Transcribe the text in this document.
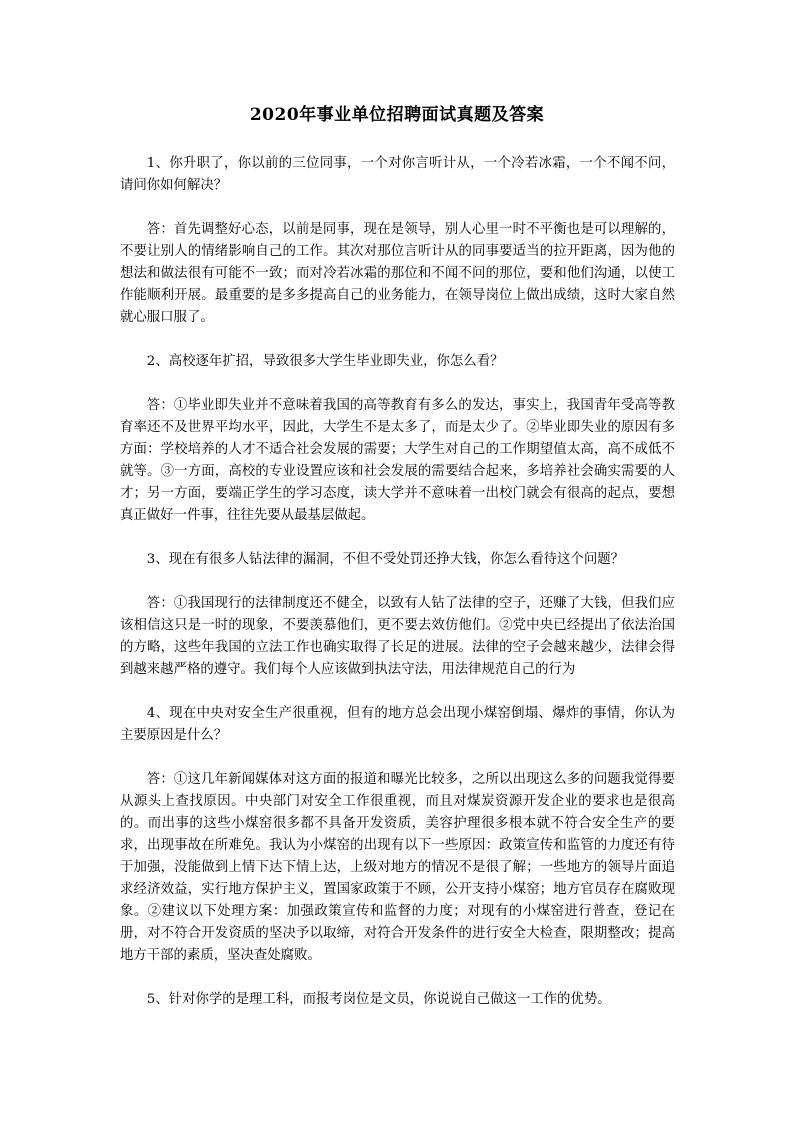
2020年事业单位招聘面试真题及答案

1、你升职了，你以前的三位同事，一个对你言听计从，一个冷若冰霜，一个不闻不问，请问你如何解决？

答：首先调整好心态，以前是同事，现在是领导，别人心里一时不平衡也是可以理解的，不要让别人的情绪影响自己的工作。其次对那位言听计从的同事要适当的拉开距离，因为他的想法和做法很有可能不一致；而对冷若冰霜的那位和不闻不问的那位，要和他们沟通，以使工作能顺利开展。最重要的是多多提高自己的业务能力，在领导岗位上做出成绩，这时大家自然就心服口服了。

2、高校逐年扩招，导致很多大学生毕业即失业，你怎么看？

答：①毕业即失业并不意味着我国的高等教育有多么的发达，事实上，我国青年受高等教育率还不及世界平均水平，因此，大学生不是太多了，而是太少了。②毕业即失业的原因有多方面：学校培养的人才不适合社会发展的需要；大学生对自己的工作期望值太高，高不成低不就等。③一方面，高校的专业设置应该和社会发展的需要结合起来，多培养社会确实需要的人才；另一方面，要端正学生的学习态度，读大学并不意味着一出校门就会有很高的起点，要想真正做好一件事，往往先要从最基层做起。

3、现在有很多人钻法律的漏洞，不但不受处罚还挣大钱，你怎么看待这个问题？

答：①我国现行的法律制度还不健全，以致有人钻了法律的空子，还赚了大钱，但我们应该相信这只是一时的现象，不要羡慕他们，更不要去效仿他们。②党中央已经提出了依法治国的方略，这些年我国的立法工作也确实取得了长足的进展。法律的空子会越来越少，法律会得到越来越严格的遵守。我们每个人应该做到执法守法，用法律规范自己的行为

4、现在中央对安全生产很重视，但有的地方总会出现小煤窑倒塌、爆炸的事情，你认为主要原因是什么？

答：①这几年新闻媒体对这方面的报道和曝光比较多，之所以出现这么多的问题我觉得要从源头上查找原因。中央部门对安全工作很重视，而且对煤炭资源开发企业的要求也是很高的。而出事的这些小煤窑很多都不具备开发资质，美容护理很多根本就不符合安全生产的要求，出现事故在所难免。我认为小煤窑的出现有以下一些原因：政策宣传和监管的力度还有待于加强，没能做到上情下达下情上达，上级对地方的情况不是很了解；一些地方的领导片面追求经济效益，实行地方保护主义，置国家政策于不顾，公开支持小煤窑；地方官员存在腐败现象。②建议以下处理方案：加强政策宣传和监督的力度；对现有的小煤窑进行普查，登记在册，对不符合开发资质的坚决予以取缔，对符合开发条件的进行安全大检查，限期整改；提高地方干部的素质，坚决查处腐败。

5、针对你学的是理工科，而报考岗位是文员，你说说自己做这一工作的优势。
